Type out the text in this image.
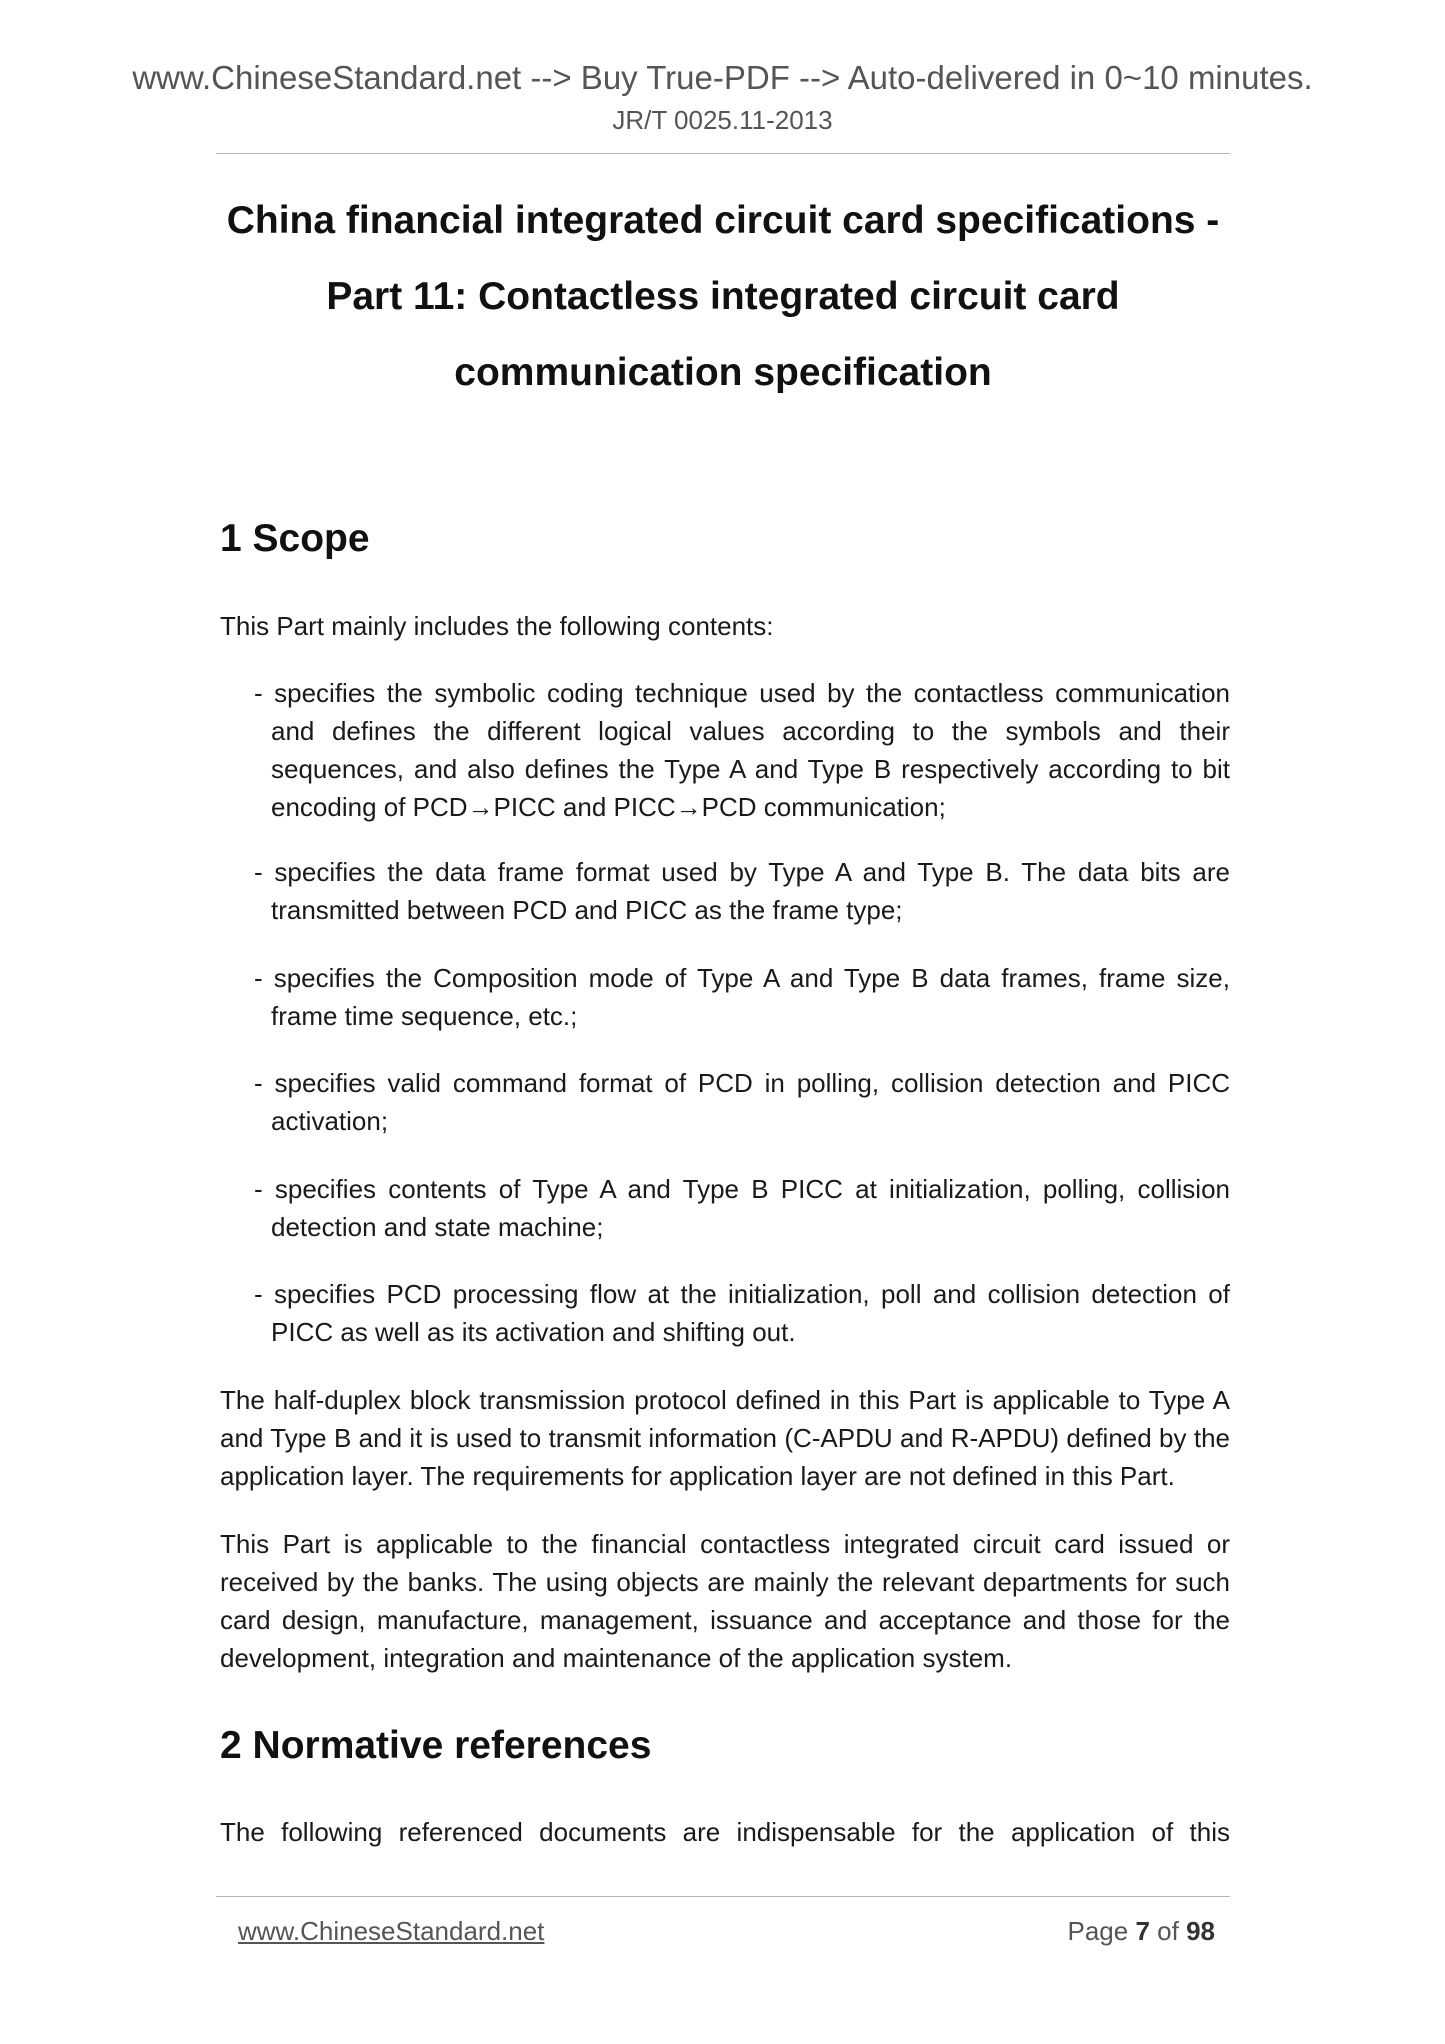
www.ChineseStandard.net --> Buy True-PDF --> Auto-delivered in 0~10 minutes.
JR/T 0025.11-2013
China financial integrated circuit card specifications -
Part 11: Contactless integrated circuit card
communication specification
1 Scope
This Part mainly includes the following contents:
- specifies the symbolic coding technique used by the contactless communication and defines the different logical values according to the symbols and their sequences, and also defines the Type A and Type B respectively according to bit encoding of PCD→PICC and PICC→PCD communication;
- specifies the data frame format used by Type A and Type B. The data bits are transmitted between PCD and PICC as the frame type;
- specifies the Composition mode of Type A and Type B data frames, frame size, frame time sequence, etc.;
- specifies valid command format of PCD in polling, collision detection and PICC activation;
- specifies contents of Type A and Type B PICC at initialization, polling, collision detection and state machine;
- specifies PCD processing flow at the initialization, poll and collision detection of PICC as well as its activation and shifting out.
The half-duplex block transmission protocol defined in this Part is applicable to Type A and Type B and it is used to transmit information (C-APDU and R-APDU) defined by the application layer. The requirements for application layer are not defined in this Part.
This Part is applicable to the financial contactless integrated circuit card issued or received by the banks. The using objects are mainly the relevant departments for such card design, manufacture, management, issuance and acceptance and those for the development, integration and maintenance of the application system.
2 Normative references
The following referenced documents are indispensable for the application of this
www.ChineseStandard.net	Page 7 of 98
